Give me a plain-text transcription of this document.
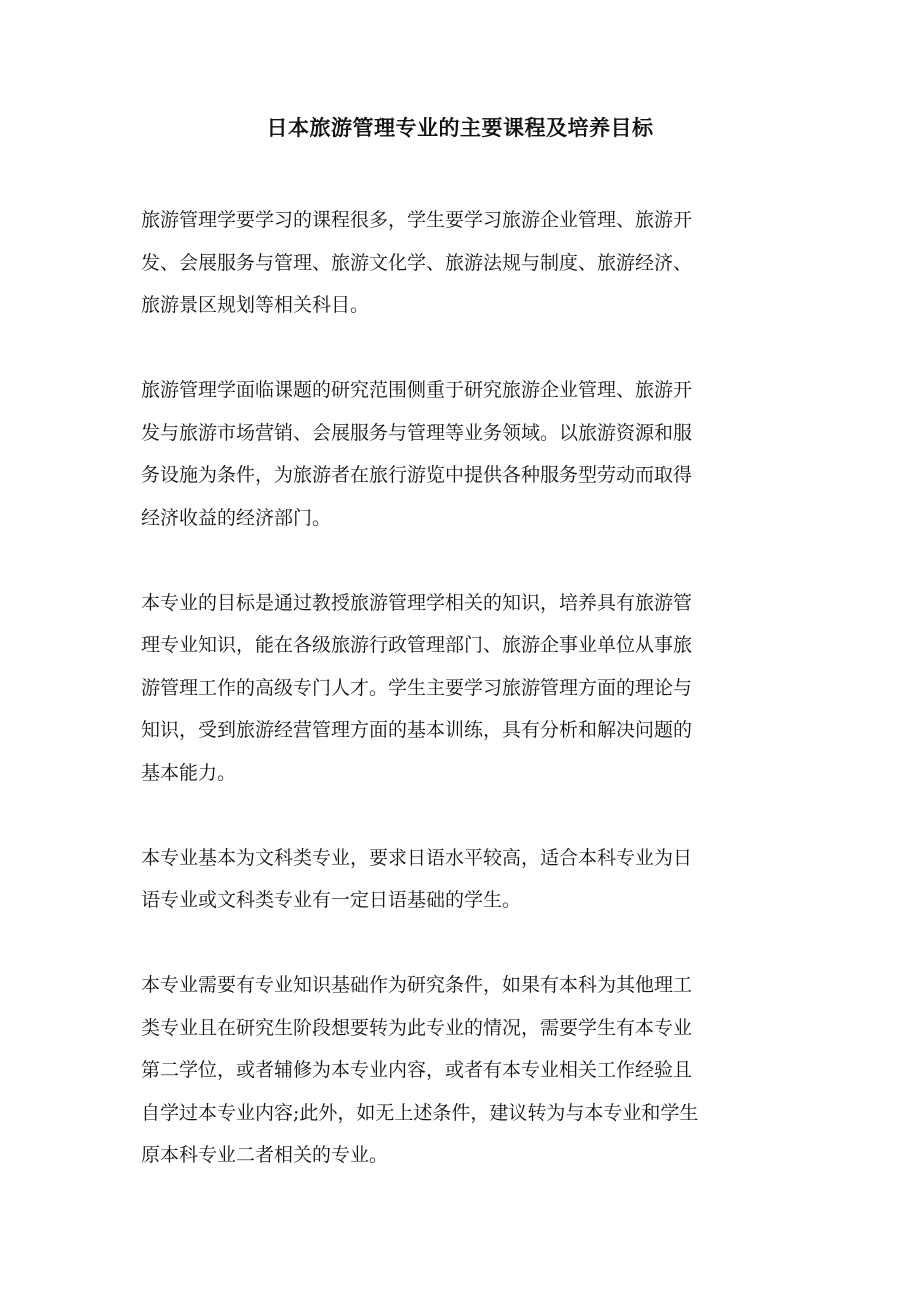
日本旅游管理专业的主要课程及培养目标

旅游管理学要学习的课程很多，学生要学习旅游企业管理、旅游开
发、会展服务与管理、旅游文化学、旅游法规与制度、旅游经济、
旅游景区规划等相关科目。

旅游管理学面临课题的研究范围侧重于研究旅游企业管理、旅游开
发与旅游市场营销、会展服务与管理等业务领域。以旅游资源和服
务设施为条件，为旅游者在旅行游览中提供各种服务型劳动而取得
经济收益的经济部门。

本专业的目标是通过教授旅游管理学相关的知识，培养具有旅游管
理专业知识，能在各级旅游行政管理部门、旅游企事业单位从事旅
游管理工作的高级专门人才。学生主要学习旅游管理方面的理论与
知识，受到旅游经营管理方面的基本训练，具有分析和解决问题的
基本能力。

本专业基本为文科类专业，要求日语水平较高，适合本科专业为日
语专业或文科类专业有一定日语基础的学生。

本专业需要有专业知识基础作为研究条件，如果有本科为其他理工
类专业且在研究生阶段想要转为此专业的情况，需要学生有本专业
第二学位，或者辅修为本专业内容，或者有本专业相关工作经验且
自学过本专业内容;此外，如无上述条件，建议转为与本专业和学生
原本科专业二者相关的专业。
